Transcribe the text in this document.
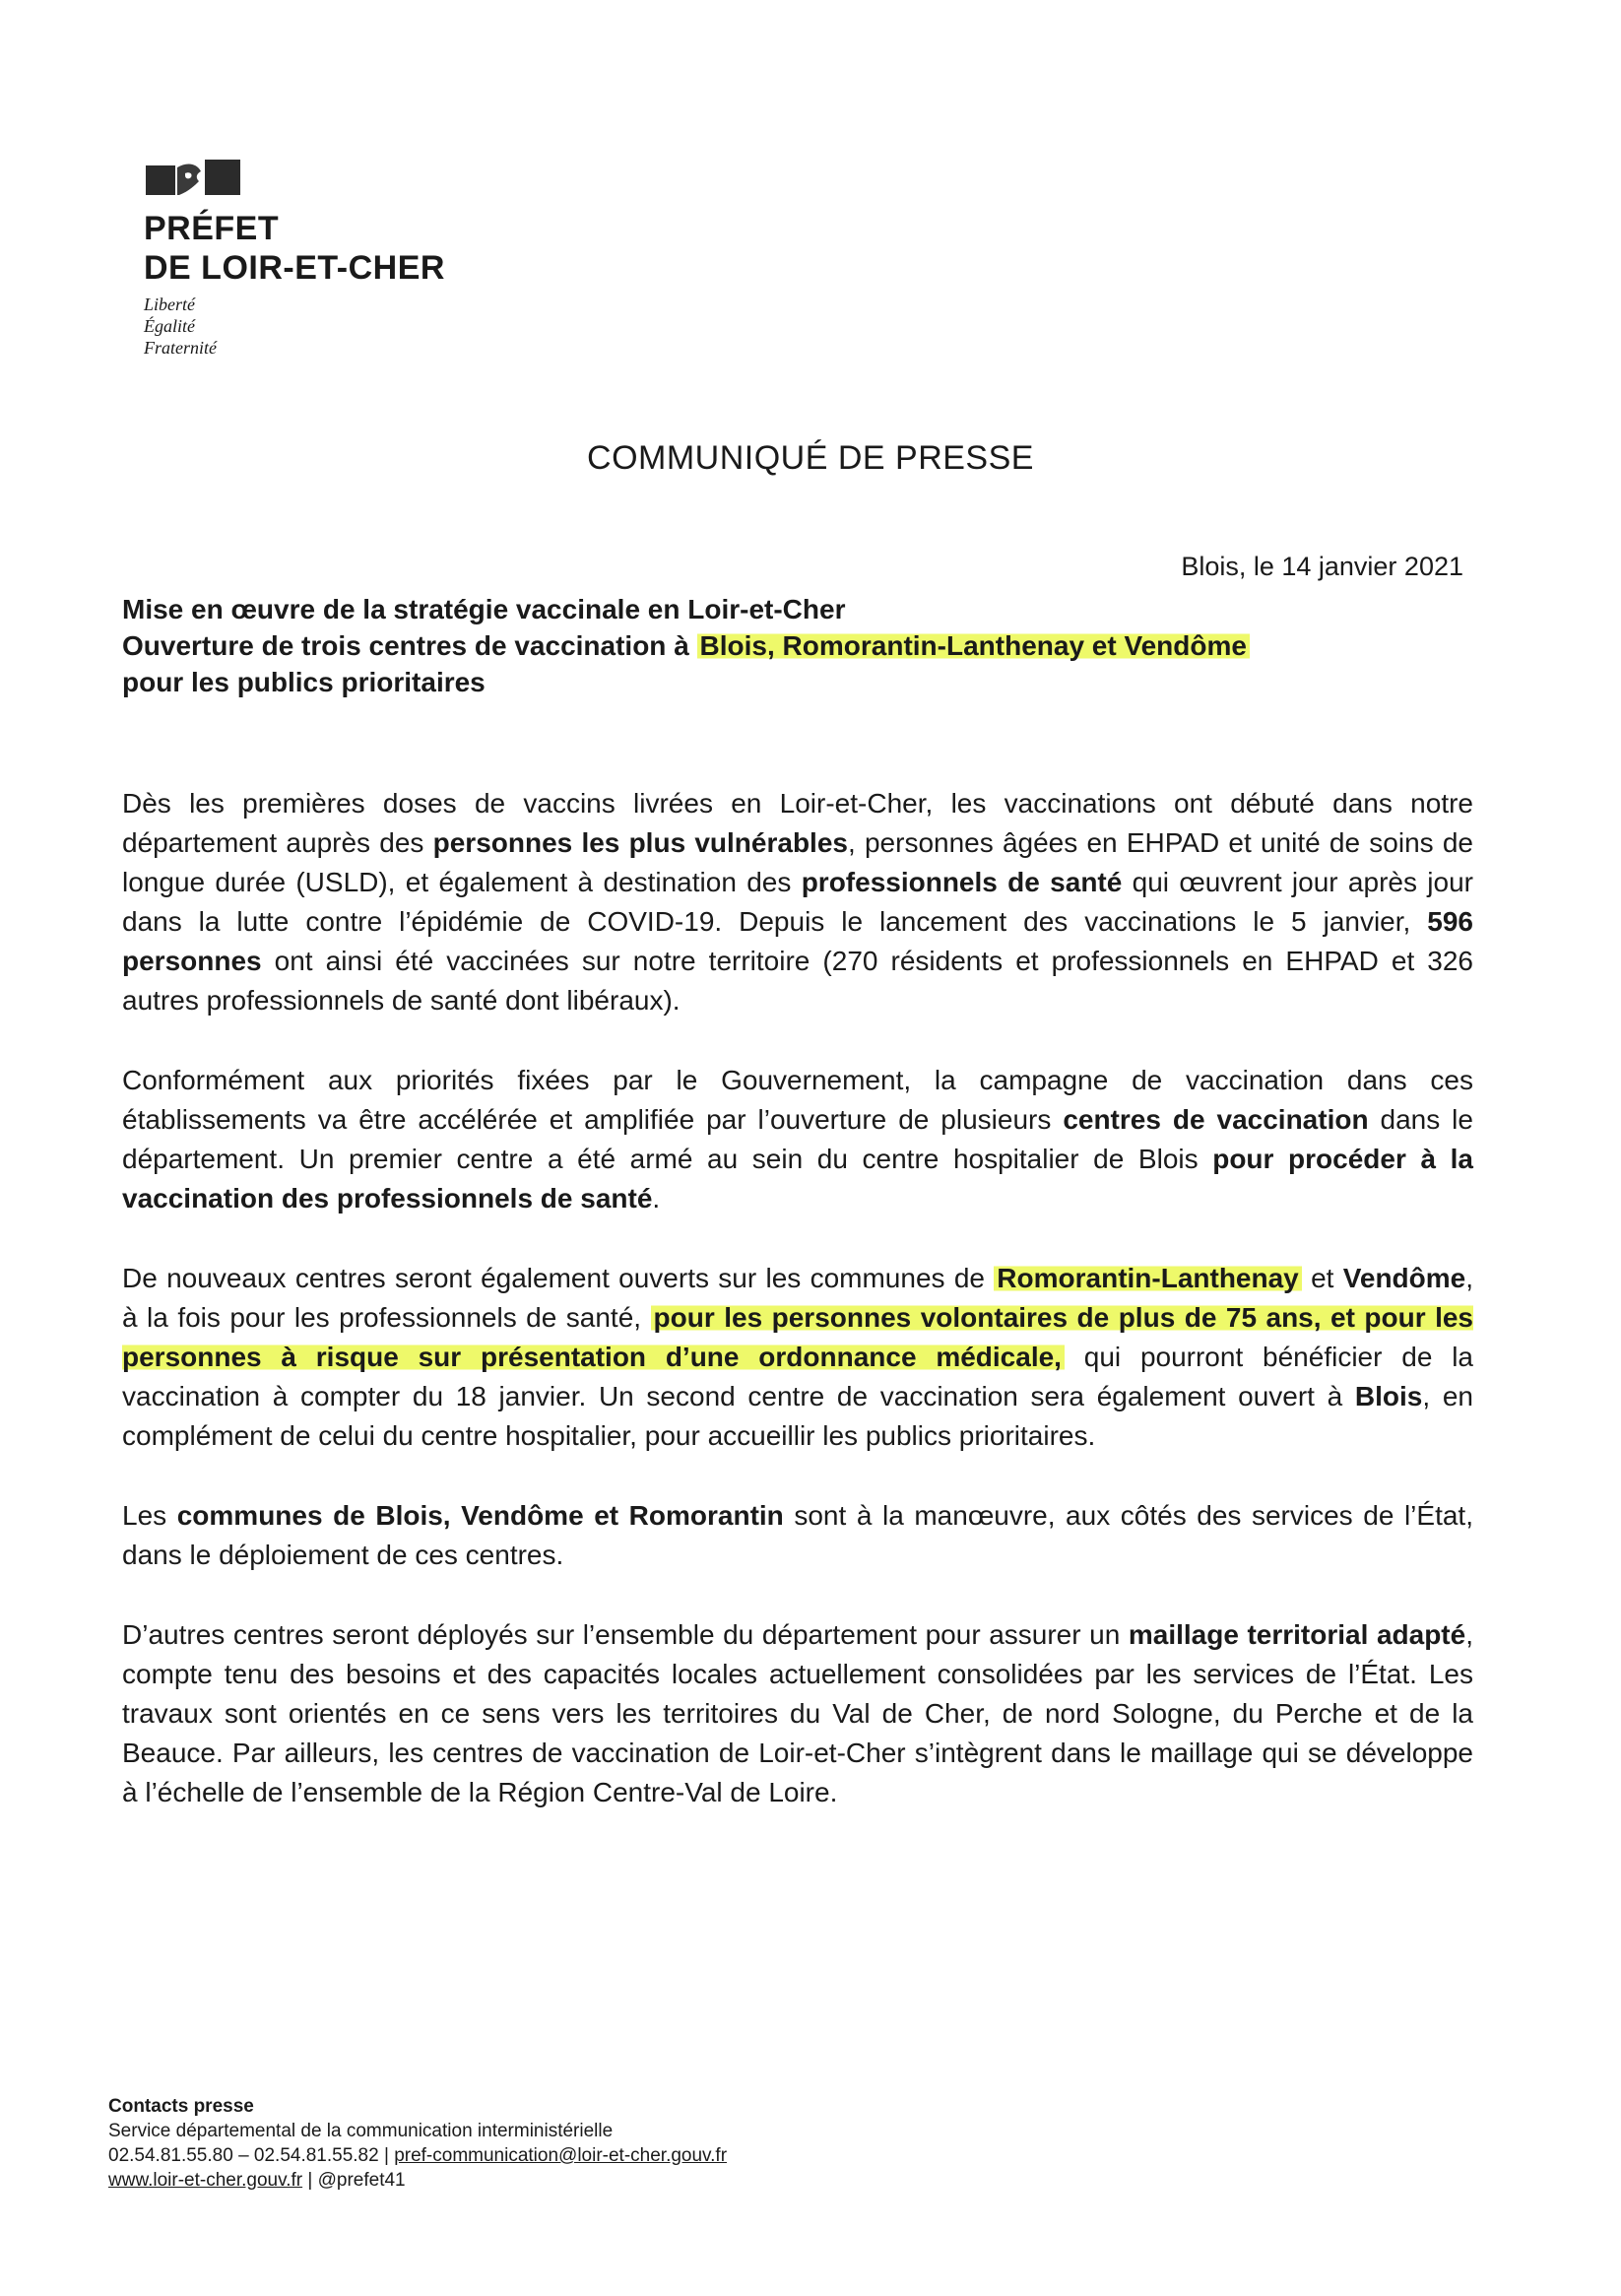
PRÉFET
DE LOIR-ET-CHER
Liberté
Égalité
Fraternité
COMMUNIQUÉ DE PRESSE
Blois, le 14 janvier 2021
Mise en œuvre de la stratégie vaccinale en Loir-et-Cher
Ouverture de trois centres de vaccination à Blois, Romorantin-Lanthenay et Vendôme
pour les publics prioritaires

Dès les premières doses de vaccins livrées en Loir-et-Cher, les vaccinations ont débuté dans notre département auprès des personnes les plus vulnérables, personnes âgées en EHPAD et unité de soins de longue durée (USLD), et également à destination des professionnels de santé qui œuvrent jour après jour dans la lutte contre l’épidémie de COVID-19. Depuis le lancement des vaccinations le 5 janvier, 596 personnes ont ainsi été vaccinées sur notre territoire (270 résidents et professionnels en EHPAD et 326 autres professionnels de santé dont libéraux).

Conformément aux priorités fixées par le Gouvernement, la campagne de vaccination dans ces établissements va être accélérée et amplifiée par l’ouverture de plusieurs centres de vaccination dans le département. Un premier centre a été armé au sein du centre hospitalier de Blois pour procéder à la vaccination des professionnels de santé.

De nouveaux centres seront également ouverts sur les communes de Romorantin-Lanthenay et Vendôme, à la fois pour les professionnels de santé, pour les personnes volontaires de plus de 75 ans, et pour les personnes à risque sur présentation d’une ordonnance médicale, qui pourront bénéficier de la vaccination à compter du 18 janvier. Un second centre de vaccination sera également ouvert à Blois, en complément de celui du centre hospitalier, pour accueillir les publics prioritaires.

Les communes de Blois, Vendôme et Romorantin sont à la manœuvre, aux côtés des services de l’État, dans le déploiement de ces centres.

D’autres centres seront déployés sur l’ensemble du département pour assurer un maillage territorial adapté, compte tenu des besoins et des capacités locales actuellement consolidées par les services de l’État. Les travaux sont orientés en ce sens vers les territoires du Val de Cher, de nord Sologne, du Perche et de la Beauce. Par ailleurs, les centres de vaccination de Loir-et-Cher s’intègrent dans le maillage qui se développe à l’échelle de l’ensemble de la Région Centre-Val de Loire.

Contacts presse
Service départemental de la communication interministérielle
02.54.81.55.80 – 02.54.81.55.82 | pref-communication@loir-et-cher.gouv.fr
www.loir-et-cher.gouv.fr | @prefet41
